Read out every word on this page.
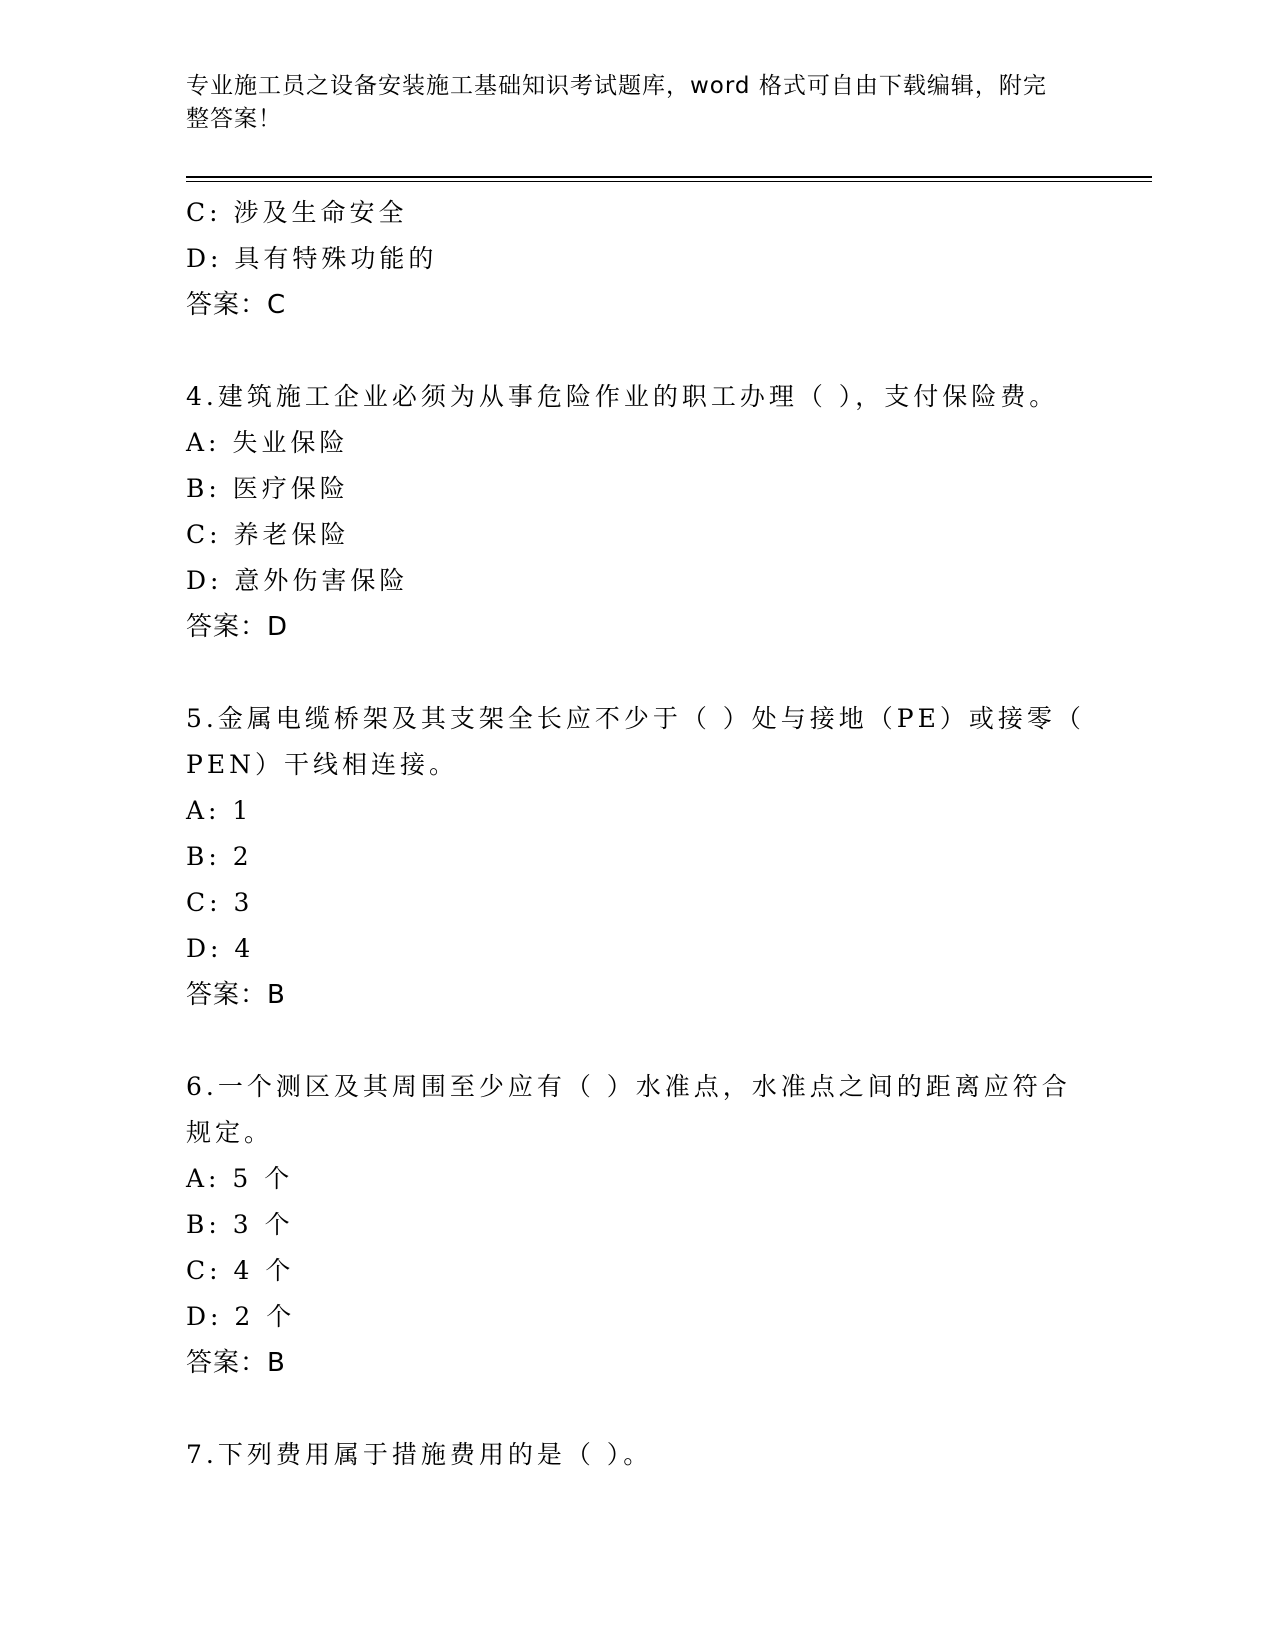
专业施工员之设备安装施工基础知识考试题库，word 格式可自由下载编辑，附完
整答案！
C: 涉及生命安全
D: 具有特殊功能的
答案：C
4.建筑施工企业必须为从事危险作业的职工办理（ ），支付保险费。
A: 失业保险
B: 医疗保险
C: 养老保险
D: 意外伤害保险
答案：D
5.金属电缆桥架及其支架全长应不少于（ ）处与接地（PE）或接零（
PEN）干线相连接。
A: 1
B: 2
C: 3
D: 4
答案：B
6.一个测区及其周围至少应有（ ）水准点，水准点之间的距离应符合
规定。
A: 5 个
B: 3 个
C: 4 个
D: 2 个
答案：B
7.下列费用属于措施费用的是（ ）。
